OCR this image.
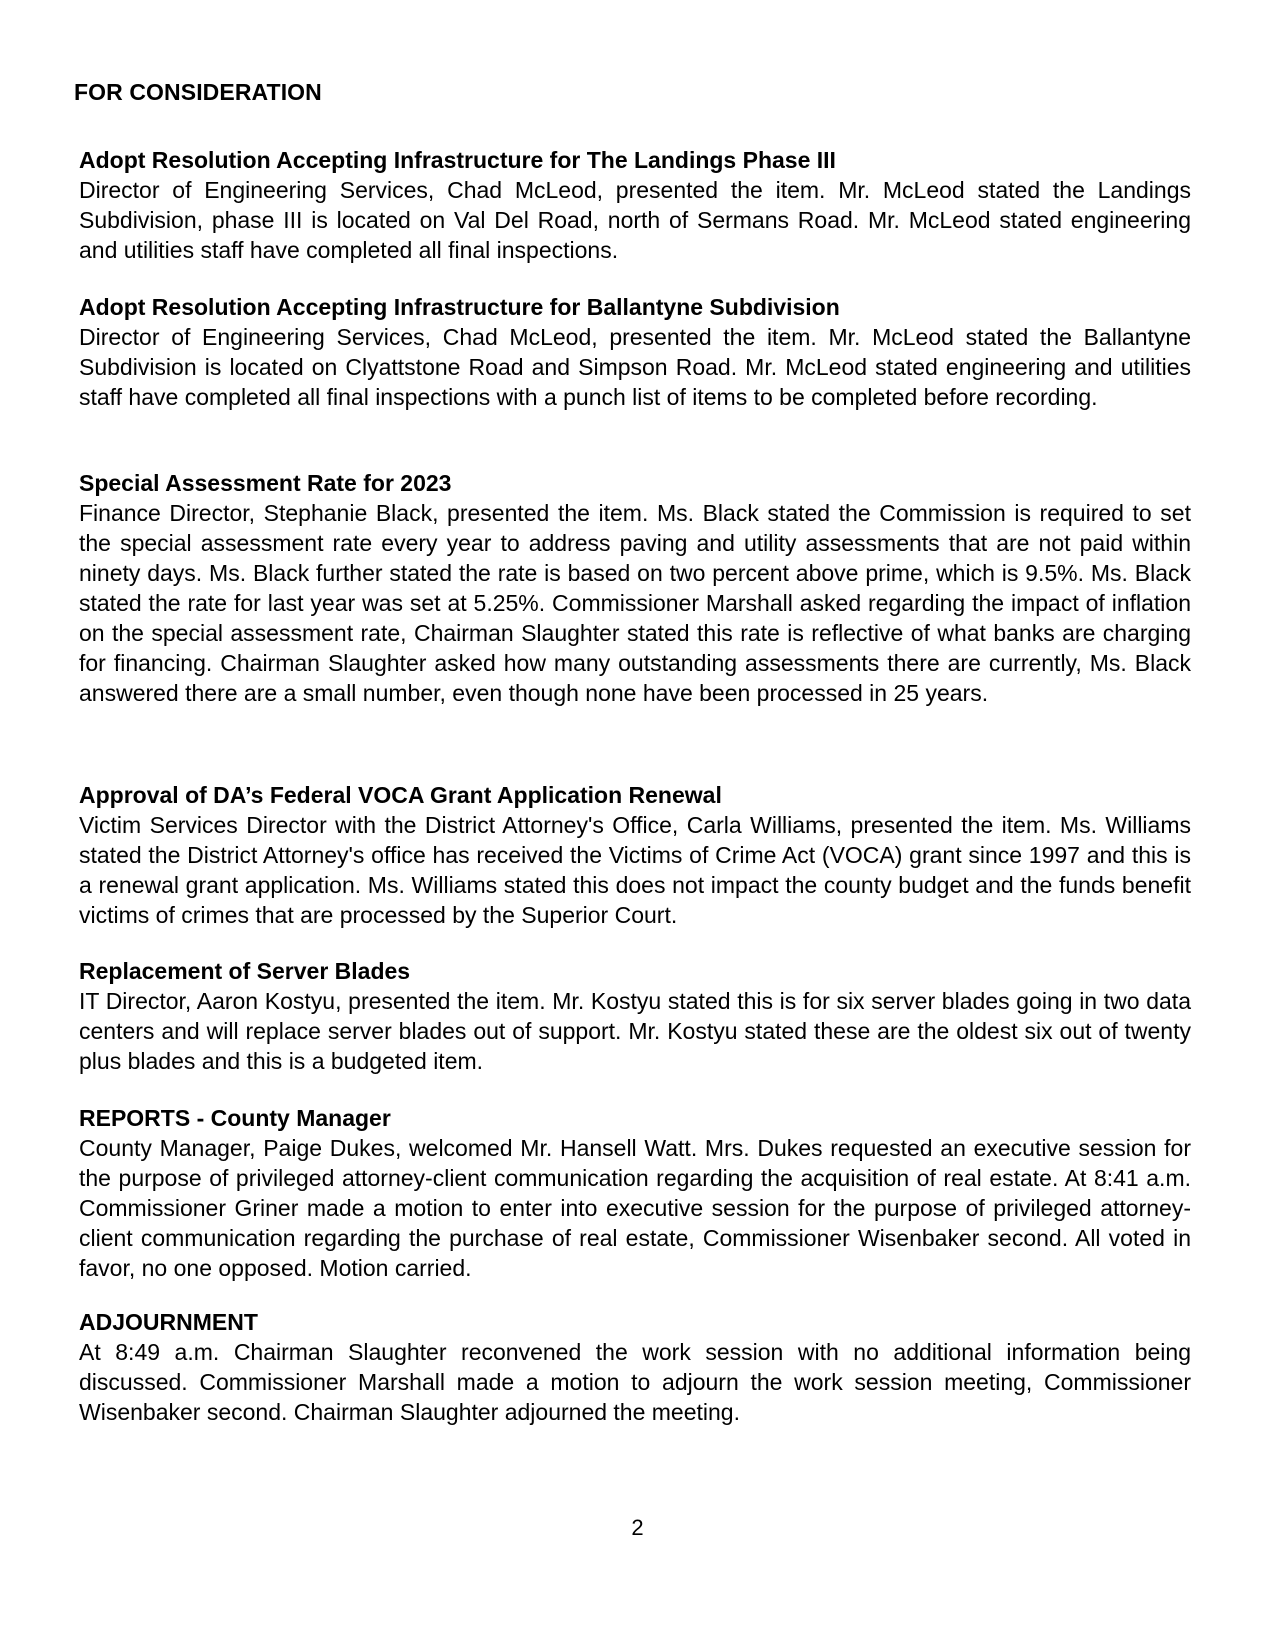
FOR CONSIDERATION

Adopt Resolution Accepting Infrastructure for The Landings Phase III

Director of Engineering Services, Chad McLeod, presented the item. Mr. McLeod stated the Landings Subdivision, phase III is located on Val Del Road, north of Sermans Road. Mr. McLeod stated engineering and utilities staff have completed all final inspections.

Adopt Resolution Accepting Infrastructure for Ballantyne Subdivision

Director of Engineering Services, Chad McLeod, presented the item. Mr. McLeod stated the Ballantyne Subdivision is located on Clyattstone Road and Simpson Road. Mr. McLeod stated engineering and utilities staff have completed all final inspections with a punch list of items to be completed before recording.

Special Assessment Rate for 2023

Finance Director, Stephanie Black, presented the item. Ms. Black stated the Commission is required to set the special assessment rate every year to address paving and utility assessments that are not paid within ninety days. Ms. Black further stated the rate is based on two percent above prime, which is 9.5%. Ms. Black stated the rate for last year was set at 5.25%. Commissioner Marshall asked regarding the impact of inflation on the special assessment rate, Chairman Slaughter stated this rate is reflective of what banks are charging for financing. Chairman Slaughter asked how many outstanding assessments there are currently, Ms. Black answered there are a small number, even though none have been processed in 25 years.

Approval of DA’s Federal VOCA Grant Application Renewal

Victim Services Director with the District Attorney's Office, Carla Williams, presented the item. Ms. Williams stated the District Attorney's office has received the Victims of Crime Act (VOCA) grant since 1997 and this is a renewal grant application. Ms. Williams stated this does not impact the county budget and the funds benefit victims of crimes that are processed by the Superior Court.

Replacement of Server Blades

IT Director, Aaron Kostyu, presented the item. Mr. Kostyu stated this is for six server blades going in two data centers and will replace server blades out of support. Mr. Kostyu stated these are the oldest six out of twenty plus blades and this is a budgeted item.

REPORTS - County Manager

County Manager, Paige Dukes, welcomed Mr. Hansell Watt. Mrs. Dukes requested an executive session for the purpose of privileged attorney-client communication regarding the acquisition of real estate. At 8:41 a.m. Commissioner Griner made a motion to enter into executive session for the purpose of privileged attorney-client communication regarding the purchase of real estate, Commissioner Wisenbaker second. All voted in favor, no one opposed. Motion carried.

ADJOURNMENT

At 8:49 a.m. Chairman Slaughter reconvened the work session with no additional information being discussed. Commissioner Marshall made a motion to adjourn the work session meeting, Commissioner Wisenbaker second. Chairman Slaughter adjourned the meeting.

2
